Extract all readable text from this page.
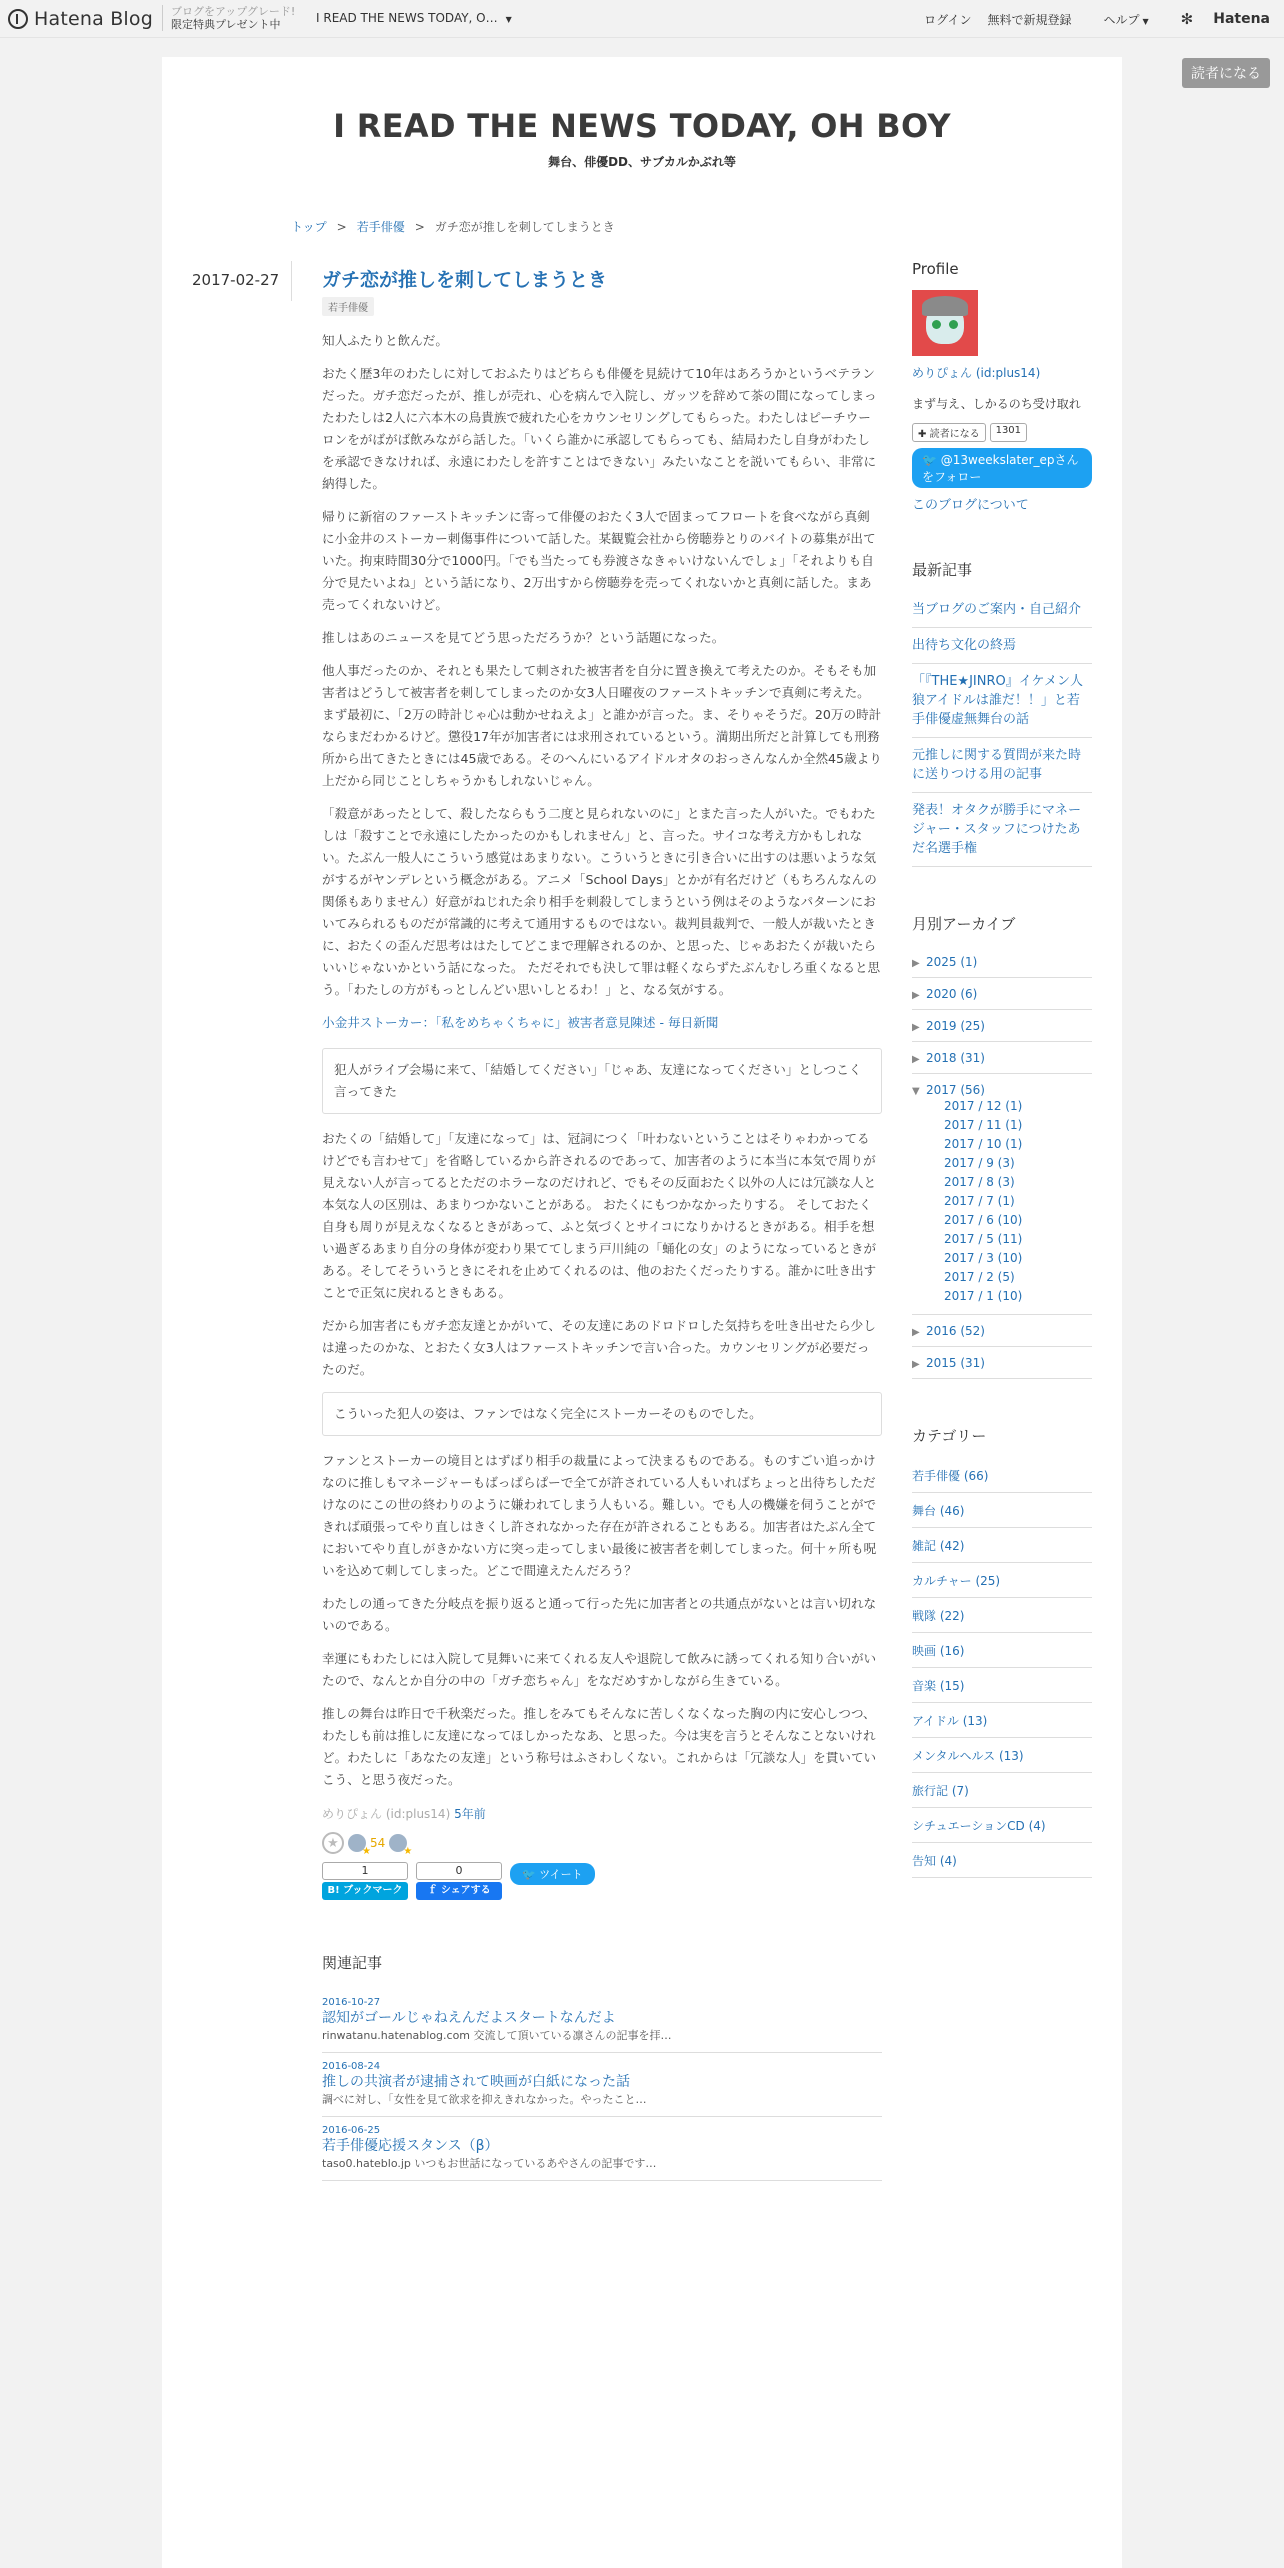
Hatena Blog ブログをアップグレード!
限定特典プレゼント中	I READ THE NEWS TODAY, O… ▼	ログイン 無料で新規登録	ヘルプ ▼ ✻ Hatena
読者になる
I READ THE NEWS TODAY, OH BOY
舞台、俳優DD、サブカルかぶれ等
トップ > 若手俳優 > ガチ恋が推しを刺してしまうとき
2017-02-27 ガチ恋が推しを刺してしまうとき
若手俳優

知人ふたりと飲んだ。

おたく歴3年のわたしに対しておふたりはどちらも俳優を見続けて10年はあろうかというベテランだった。ガチ恋だったが、推しが売れ、心を病んで入院し、ガッツを辞めて茶の間になってしまったわたしは2人に六本木の鳥貴族で疲れた心をカウンセリングしてもらった。わたしはピーチウーロンをがばがば飲みながら話した。「いくら誰かに承認してもらっても、結局わたし自身がわたしを承認できなければ、永遠にわたしを許すことはできない」みたいなことを説いてもらい、非常に納得した。

帰りに新宿のファーストキッチンに寄って俳優のおたく3人で固まってフロートを食べながら真剣に小金井のストーカー刺傷事件について話した。某観覧会社から傍聴券とりのバイトの募集が出ていた。拘束時間30分で1000円。「でも当たっても券渡さなきゃいけないんでしょ」「それよりも自分で見たいよね」という話になり、2万出すから傍聴券を売ってくれないかと真剣に話した。まあ売ってくれないけど。

推しはあのニュースを見てどう思っただろうか？という話題になった。

他人事だったのか、それとも果たして刺された被害者を自分に置き換えて考えたのか。そもそも加害者はどうして被害者を刺してしまったのか女3人日曜夜のファーストキッチンで真剣に考えた。 まず最初に、「2万の時計じゃ心は動かせねえよ」と誰かが言った。ま、そりゃそうだ。20万の時計ならまだわかるけど。懲役17年が加害者には求刑されているという。満期出所だと計算しても刑務所から出てきたときには45歳である。そのへんにいるアイドルオタのおっさんなんか全然45歳より上だから同じことしちゃうかもしれないじゃん。

「殺意があったとして、殺したならもう二度と見られないのに」とまた言った人がいた。でもわたしは「殺すことで永遠にしたかったのかもしれません」と、言った。サイコな考え方かもしれない。たぶん一般人にこういう感覚はあまりない。こういうときに引き合いに出すのは悪いような気がするがヤンデレという概念がある。アニメ「School Days」とかが有名だけど（もちろんなんの関係もありません）好意がねじれた余り相手を刺殺してしまうという例はそのようなパターンにおいてみられるものだが常識的に考えて通用するものではない。裁判員裁判で、一般人が裁いたときに、おたくの歪んだ思考ははたしてどこまで理解されるのか、と思った、じゃあおたくが裁いたらいいじゃないかという話になった。 ただそれでも決して罪は軽くならずたぶんむしろ重くなると思う。「わたしの方がもっとしんどい思いしとるわ！」と、なる気がする。

小金井ストーカー：「私をめちゃくちゃに」被害者意見陳述 - 毎日新聞

犯人がライブ会場に来て、「結婚してください」「じゃあ、友達になってください」としつこく言ってきた

おたくの「結婚して」「友達になって」は、冠詞につく「叶わないということはそりゃわかってるけどでも言わせて」を省略しているから許されるのであって、加害者のように本当に本気で周りが見えない人が言ってるとただのホラーなのだけれど、でもその反面おたく以外の人には冗談な人と本気な人の区別は、あまりつかないことがある。 おたくにもつかなかったりする。 そしておたく自身も周りが見えなくなるときがあって、ふと気づくとサイコになりかけるときがある。相手を想い過ぎるあまり自分の身体が変わり果ててしまう戸川純の「蛹化の女」のようになっているときがある。そしてそういうときにそれを止めてくれるのは、他のおたくだったりする。誰かに吐き出すことで正気に戻れるときもある。

だから加害者にもガチ恋友達とかがいて、その友達にあのドロドロした気持ちを吐き出せたら少しは違ったのかな、とおたく女3人はファーストキッチンで言い合った。カウンセリングが必要だったのだ。

こういった犯人の姿は、ファンではなく完全にストーカーそのものでした。

ファンとストーカーの境目とはずばり相手の裁量によって決まるものである。ものすごい追っかけなのに推しもマネージャーもばっぱらぱーで全てが許されている人もいればちょっと出待ちしただけなのにこの世の終わりのように嫌われてしまう人もいる。難しい。でも人の機嫌を伺うことができれば頑張ってやり直しはきくし許されなかった存在が許されることもある。加害者はたぶん全てにおいてやり直しがきかない方に突っ走ってしまい最後に被害者を刺してしまった。何十ヶ所も呪いを込めて刺してしまった。どこで間違えたんだろう？

わたしの通ってきた分岐点を振り返ると通って行った先に加害者との共通点がないとは言い切れないのである。

幸運にもわたしには入院して見舞いに来てくれる友人や退院して飲みに誘ってくれる知り合いがいたので、なんとか自分の中の「ガチ恋ちゃん」をなだめすかしながら生きている。

推しの舞台は昨日で千秋楽だった。推しをみてもそんなに苦しくなくなった胸の内に安心しつつ、わたしも前は推しに友達になってほしかったなあ、と思った。今は実を言うとそんなことないけれど。わたしに「あなたの友達」という称号はふさわしくない。これからは「冗談な人」を貫いていこう、と思う夜だった。

めりぴょん (id:plus14) 5年前
★
★	54
★
1
B! ブックマーク
0
ｆ シェアする
🐦 ツイート
関連記事
2016-10-27
認知がゴールじゃねえんだよスタートなんだよ
rinwatanu.hatenablog.com 交流して頂いている凛さんの記事を拝…
2016-08-24
推しの共演者が逮捕されて映画が白紙になった話
調べに対し、「女性を見て欲求を抑えきれなかった。やったこと…
2016-06-25
若手俳優応援スタンス（β）
taso0.hateblo.jp いつもお世話になっているあやさんの記事です…
Profile
めりぴょん (id:plus14)
まず与え、しかるのち受け取れ
✚ 読者になる	1301
🐦 @13weekslater_epさんをフォロー
このブログについて
最新記事
当ブログのご案内・自己紹介
出待ち文化の終焉
「『THE★JINRO』イケメン人狼アイドルは誰だ！！」と若手俳優虚無舞台の話
元推しに関する質問が来た時に送りつける用の記事
発表！オタクが勝手にマネージャー・スタッフにつけたあだ名選手権
月別アーカイブ
▶ 2025 (1)
▶ 2020 (6)
▶ 2019 (25)
▶ 2018 (31)
▼ 2017 (56)
2017 / 12 (1)
2017 / 11 (1)
2017 / 10 (1)
2017 / 9 (3)
2017 / 8 (3)
2017 / 7 (1)
2017 / 6 (10)
2017 / 5 (11)
2017 / 3 (10)
2017 / 2 (5)
2017 / 1 (10)
▶ 2016 (52)
▶ 2015 (31)
カテゴリー
若手俳優 (66)
舞台 (46)
雑記 (42)
カルチャー (25)
戦隊 (22)
映画 (16)
音楽 (15)
アイドル (13)
メンタルヘルス (13)
旅行記 (7)
シチュエーションCD (4)
告知 (4)
